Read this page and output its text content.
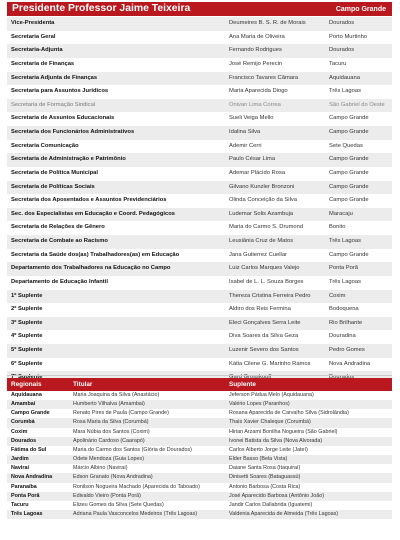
Presidente Professor Jaime Teixeira	Campo Grande
Vice-Presidenta	Deumeires B. S. R. de Morais	Dourados
Secretaria Geral	Ana Maria de Oliveira	Porto Murtinho
Secretaria-Adjunta	Fernando Rodrigues	Dourados
Secretaria de Finanças	José Remijo Perecin	Tacuru
Secretaria Adjunta de Finanças	Francisco Tavares Câmara	Aquidauana
Secretaria para Assuntos Jurídicos	Maria Aparecida Diogo	Três Lagoas
Secretaria de Formação Sindical	Onivan Lima Correa	São Gabriel do Oeste
Secretaria de Assuntos Educacionais	Sueli Veiga Mello	Campo Grande
Secretaria dos Funcionários Administrativos	Idalina Silva	Campo Grande
Secretaria Comunicação	Ademir Cerri	Sete Quedas
Secretaria de Administração e Patrimônio	Paulo César Lima	Campo Grande
Secretaria de Política Municipal	Ademar Plácido Rosa	Campo Grande
Secretaria de Políticas Sociais	Gilvano Kunzler Bronzoni	Campo Grande
Secretaria dos Aposentados e Assuntos Previdenciários	Olinda Conceição da Silva	Campo Grande
Sec. dos Especialistas em Educação e Coord. Pedagógicos	Ludemar Solis Azambuja	Maracaju
Secretaria de Relações de Gênero	Maria do Carmo S. Drumond	Bonito
Secretaria de Combate ao Racismo	Leusiânia Cruz de Matos	Três Lagoas
Secretaria da Saúde dos(as) Trabalhadores(as) em Educação	Jana Gutierrez Cuellar	Campo Grande
Departamento dos Trabalhadores na Educação no Campo	Luiz Carlos Marques Valejo	Ponta Porã
Departamento de Educação Infantil	Isabel de L. L. Souza Borges	Três Lagoas
1º Suplente	Thereza Cristina Ferreira Pedro	Coxim
2º Suplente	Aldiro dos Reis Fermina	Bodoquena
3º Suplente	Eleci Gonçalves Serra Leite	Rio Brilhante
4º Suplente	Diva Soares da Silva Geza	Douradina
5º Suplente	Luzenir Severo dos Santos	Pedro Gomes
6º Suplente	Kátia Cilene G. Marinho Ramos	Nova Andradina
Regionais	Titular	Suplente
Aquidauana	Maria Joaquina da Silva (Anastácio)	Jeferson Pádua Melo (Aquidauana)
Amambai	Humberto Vilhalva (Amambai)	Valério Lopes (Paranhos)
Campo Grande	Renato Pires de Paula (Campo Grande)	Rosana Aparecida de Carvalho Silva (Sidrolândia)
Corumbá	Rosa Maria da Silva (Corumbá)	Thais Xavier Chaleque (Corumbá)
Coxim	Mara Núbia dos Santos (Coxim)	Hirian Arzami Bonilha Nogueira (São Gabriel)
Dourados	Apolinário Cardoso (Caarapó)	Ivonei Batista da Silva (Nova Alvorada)
Fátima do Sul	Maria do Carmo dos Santos (Glória de Dourados)	Carlos Alberto Jorge Leite (Jateí)
Jardim	Odete Mendoza (Guia Lopes)	Elder Basso (Bela Vista)
Naviraí	Márcio Albino (Naviraí)	Daiane Santa Rosa (Itaquiraí)
Nova Andradina	Edson Granato (Nova Andradina)	Dinisetti Soares (Bataguassú)
Paranaíba	Ronilson Nogueira Machado (Aparecida do Taboado)	Antonio Barbosa (Costa Rica)
Ponta Porã	Edivaldo Vieiro (Ponta Porã)	José Aparecido Barbosa (Antônio João)
Tacuru	Elizeu Gomes da Silva (Sete Quedas)	Jandir Carlos Dallabrida (Iguatemi)
Três Lagoas	Adriana Paula Vasconcelos Medeiros (Três Lagoas)	Valdenia Aparecida de Almeida (Três Lagoas)
